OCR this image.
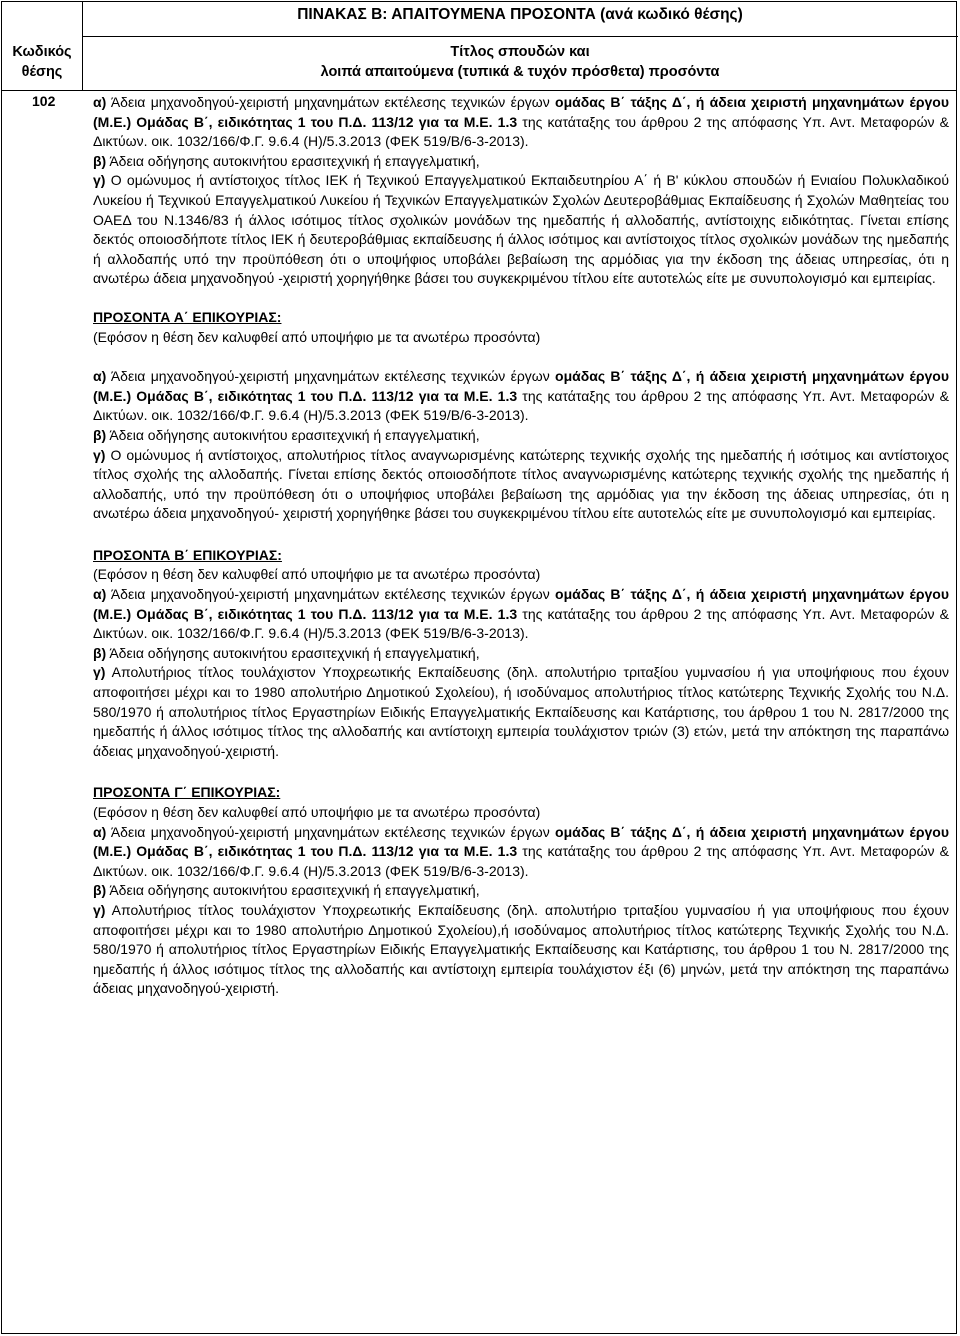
ΠΙΝΑΚΑΣ Β: ΑΠΑΙΤΟΥΜΕΝΑ ΠΡΟΣΟΝΤΑ (ανά κωδικό θέσης)
Κωδικός
θέσης
Τίτλος σπουδών και
λοιπά απαιτούμενα (τυπικά & τυχόν πρόσθετα) προσόντα
102	α) Άδεια μηχανοδηγού-χειριστή μηχανημάτων εκτέλεσης τεχνικών έργων ομάδας Β΄ τάξης Δ΄, ή άδεια χειριστή μηχανημάτων έργου (Μ.Ε.) Ομάδας Β΄, ειδικότητας 1 του Π.Δ. 113/12 για τα Μ.Ε. 1.3 της κατάταξης του άρθρου 2 της απόφασης Υπ. Αντ. Μεταφορών & Δικτύων. οικ. 1032/166/Φ.Γ. 9.6.4 (Η)/5.3.2013 (ΦΕΚ 519/Β/6-3-2013).

β) Άδεια οδήγησης αυτοκινήτου ερασιτεχνική ή επαγγελματική,

γ) Ο ομώνυμος ή αντίστοιχος τίτλος ΙΕΚ ή Τεχνικού Επαγγελματικού Εκπαιδευτηρίου Α΄ ή Β' κύκλου σπουδών ή Ενιαίου Πολυκλαδικού Λυκείου ή Τεχνικού Επαγγελματικού Λυκείου ή Τεχνικών Επαγγελματικών Σχολών Δευτεροβάθμιας Εκπαίδευσης ή Σχολών Μαθητείας του ΟΑΕΔ του Ν.1346/83 ή άλλος ισότιμος τίτλος σχολικών μονάδων της ημεδαπής ή αλλοδαπής, αντίστοιχης ειδικότητας. Γίνεται επίσης δεκτός οποιοσδήποτε τίτλος ΙΕΚ ή δευτεροβάθμιας εκπαίδευσης ή άλλος ισότιμος και αντίστοιχος τίτλος σχολικών μονάδων της ημεδαπής ή αλλοδαπής υπό την προϋπόθεση ότι ο υποψήφιος υποβάλει βεβαίωση της αρμόδιας για την έκδοση της άδειας υπηρεσίας, ότι η ανωτέρω άδεια μηχανοδηγού -χειριστή χορηγήθηκε βάσει του συγκεκριμένου τίτλου είτε αυτοτελώς είτε με συνυπολογισμό και εμπειρίας.

ΠΡΟΣΟΝΤΑ Α΄ ΕΠΙΚΟΥΡΙΑΣ:

(Εφόσον η θέση δεν καλυφθεί από υποψήφιο με τα ανωτέρω προσόντα)

α) Άδεια μηχανοδηγού-χειριστή μηχανημάτων εκτέλεσης τεχνικών έργων ομάδας Β΄ τάξης Δ΄, ή άδεια χειριστή μηχανημάτων έργου (Μ.Ε.) Ομάδας Β΄, ειδικότητας 1 του Π.Δ. 113/12 για τα Μ.Ε. 1.3 της κατάταξης του άρθρου 2 της απόφασης Υπ. Αντ. Μεταφορών & Δικτύων. οικ. 1032/166/Φ.Γ. 9.6.4 (Η)/5.3.2013 (ΦΕΚ 519/Β/6-3-2013).

β) Άδεια οδήγησης αυτοκινήτου ερασιτεχνική ή επαγγελματική,

γ) Ο ομώνυμος ή αντίστοιχος, απολυτήριος τίτλος αναγνωρισμένης κατώτερης τεχνικής σχολής της ημεδαπής ή ισότιμος και αντίστοιχος τίτλος σχολής της αλλοδαπής. Γίνεται επίσης δεκτός οποιοσδήποτε τίτλος αναγνωρισμένης κατώτερης τεχνικής σχολής της ημεδαπής ή αλλοδαπής, υπό την προϋπόθεση ότι ο υποψήφιος υποβάλει βεβαίωση της αρμόδιας για την έκδοση της άδειας υπηρεσίας, ότι η ανωτέρω άδεια μηχανοδηγού- χειριστή χορηγήθηκε βάσει του συγκεκριμένου τίτλου είτε αυτοτελώς είτε με συνυπολογισμό και εμπειρίας.

ΠΡΟΣΟΝΤΑ Β΄ ΕΠΙΚΟΥΡΙΑΣ:

(Εφόσον η θέση δεν καλυφθεί από υποψήφιο με τα ανωτέρω προσόντα)

α) Άδεια μηχανοδηγού-χειριστή μηχανημάτων εκτέλεσης τεχνικών έργων ομάδας Β΄ τάξης Δ΄, ή άδεια χειριστή μηχανημάτων έργου (Μ.Ε.) Ομάδας Β΄, ειδικότητας 1 του Π.Δ. 113/12 για τα Μ.Ε. 1.3 της κατάταξης του άρθρου 2 της απόφασης Υπ. Αντ. Μεταφορών & Δικτύων. οικ. 1032/166/Φ.Γ. 9.6.4 (Η)/5.3.2013 (ΦΕΚ 519/Β/6-3-2013).

β) Άδεια οδήγησης αυτοκινήτου ερασιτεχνική ή επαγγελματική,

γ) Απολυτήριος τίτλος τουλάχιστον Υποχρεωτικής Εκπαίδευσης (δηλ. απολυτήριο τριταξίου γυμνασίου ή για υποψήφιους που έχουν αποφοιτήσει μέχρι και το 1980 απολυτήριο Δημοτικού Σχολείου), ή ισοδύναμος απολυτήριος τίτλος κατώτερης Τεχνικής Σχολής του Ν.Δ. 580/1970 ή απολυτήριος τίτλος Εργαστηρίων Ειδικής Επαγγελματικής Εκπαίδευσης και Κατάρτισης, του άρθρου 1 του Ν. 2817/2000 της ημεδαπής ή άλλος ισότιμος τίτλος της αλλοδαπής και αντίστοιχη εμπειρία τουλάχιστον τριών (3) ετών, μετά την απόκτηση της παραπάνω άδειας μηχανοδηγού-χειριστή.

ΠΡΟΣΟΝΤΑ Γ΄ ΕΠΙΚΟΥΡΙΑΣ:

(Εφόσον η θέση δεν καλυφθεί από υποψήφιο με τα ανωτέρω προσόντα)

α) Άδεια μηχανοδηγού-χειριστή μηχανημάτων εκτέλεσης τεχνικών έργων ομάδας Β΄ τάξης Δ΄, ή άδεια χειριστή μηχανημάτων έργου (Μ.Ε.) Ομάδας Β΄, ειδικότητας 1 του Π.Δ. 113/12 για τα Μ.Ε. 1.3 της κατάταξης του άρθρου 2 της απόφασης Υπ. Αντ. Μεταφορών & Δικτύων. οικ. 1032/166/Φ.Γ. 9.6.4 (Η)/5.3.2013 (ΦΕΚ 519/Β/6-3-2013).

β) Άδεια οδήγησης αυτοκινήτου ερασιτεχνική ή επαγγελματική,

γ) Απολυτήριος τίτλος τουλάχιστον Υποχρεωτικής Εκπαίδευσης (δηλ. απολυτήριο τριταξίου γυμνασίου ή για υποψήφιους που έχουν αποφοιτήσει μέχρι και το 1980 απολυτήριο Δημοτικού Σχολείου),ή ισοδύναμος απολυτήριος τίτλος κατώτερης Τεχνικής Σχολής του Ν.Δ. 580/1970 ή απολυτήριος τίτλος Εργαστηρίων Ειδικής Επαγγελματικής Εκπαίδευσης και Κατάρτισης, του άρθρου 1 του Ν. 2817/2000 της ημεδαπής ή άλλος ισότιμος τίτλος της αλλοδαπής και αντίστοιχη εμπειρία τουλάχιστον έξι (6) μηνών, μετά την απόκτηση της παραπάνω άδειας μηχανοδηγού-χειριστή.
